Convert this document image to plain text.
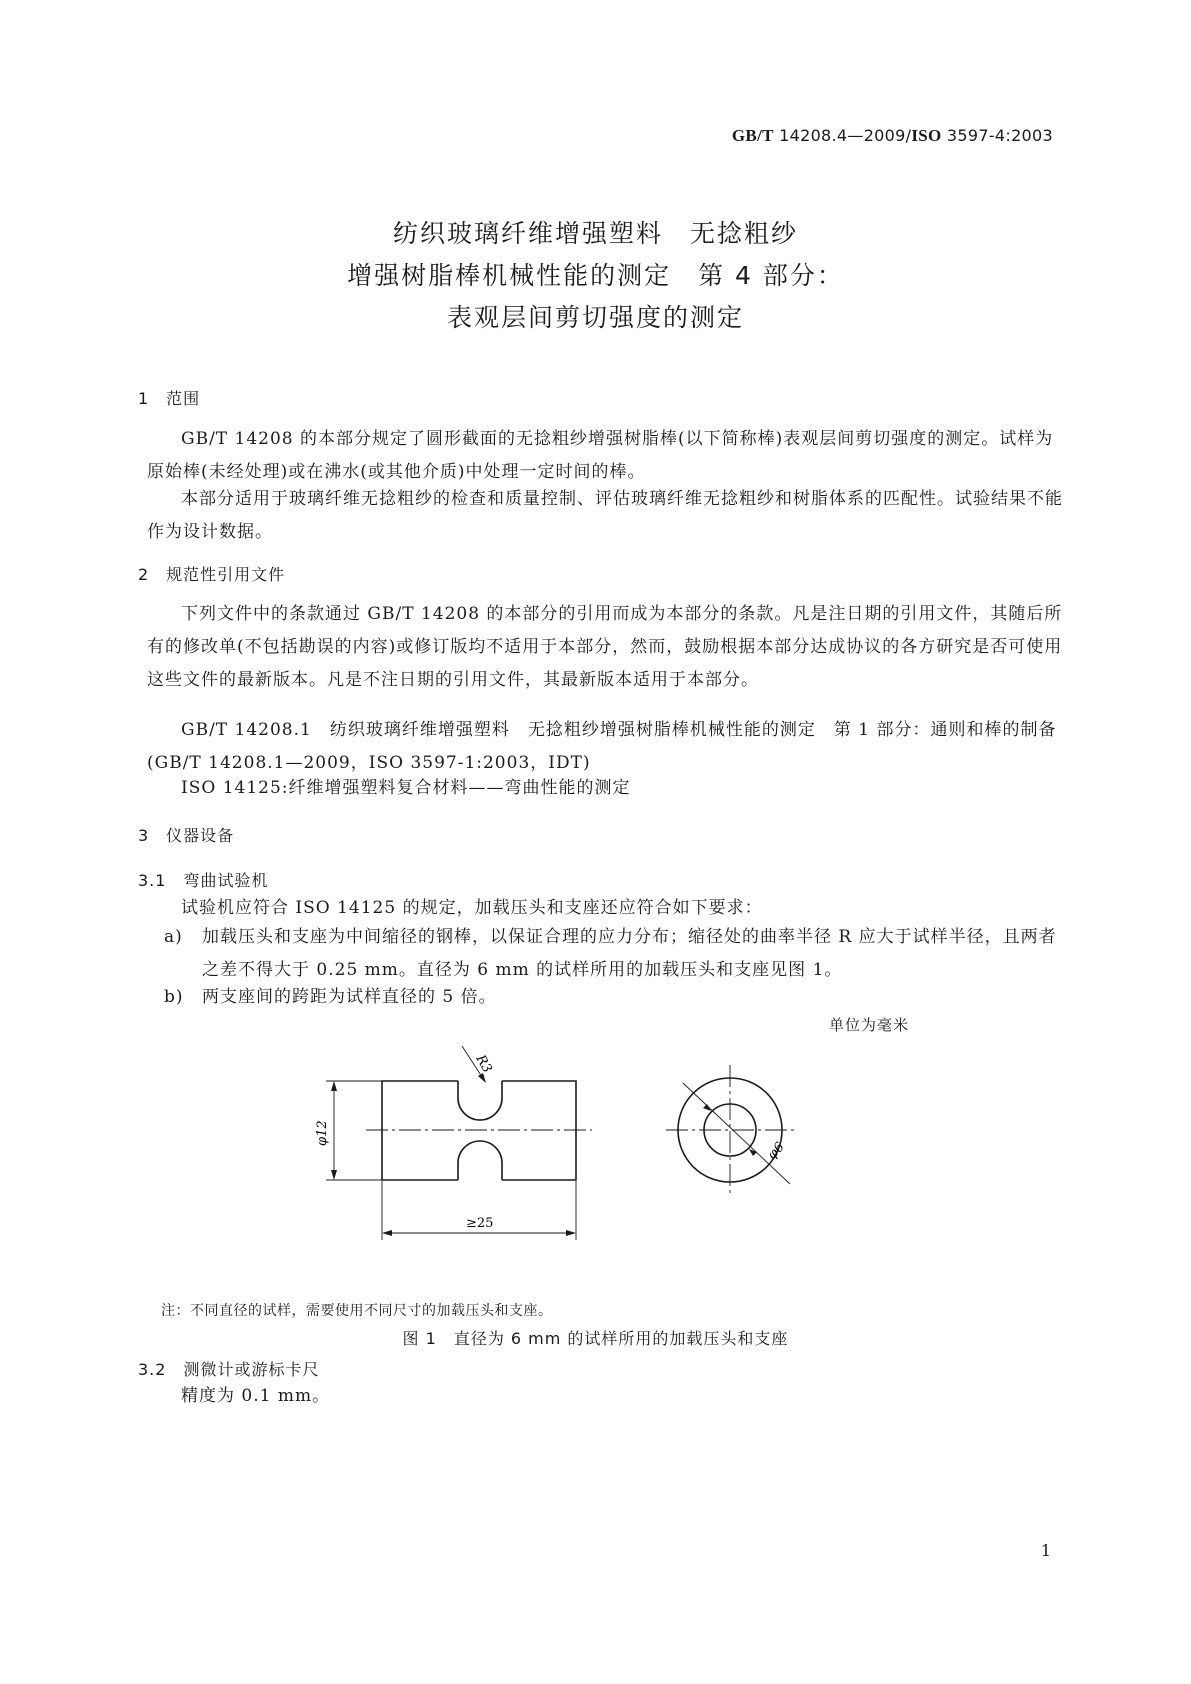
GB/T 14208.4—2009/ISO 3597-4:2003
纺织玻璃纤维增强塑料　无捻粗纱
增强树脂棒机械性能的测定　第 4 部分：
表观层间剪切强度的测定
1　范围
GB/T 14208 的本部分规定了圆形截面的无捻粗纱增强树脂棒(以下简称棒)表观层间剪切强度的测定。试样为原始棒(未经处理)或在沸水(或其他介质)中处理一定时间的棒。
本部分适用于玻璃纤维无捻粗纱的检查和质量控制、评估玻璃纤维无捻粗纱和树脂体系的匹配性。试验结果不能作为设计数据。
2　规范性引用文件
下列文件中的条款通过 GB/T 14208 的本部分的引用而成为本部分的条款。凡是注日期的引用文件，其随后所有的修改单(不包括勘误的内容)或修订版均不适用于本部分，然而，鼓励根据本部分达成协议的各方研究是否可使用这些文件的最新版本。凡是不注日期的引用文件，其最新版本适用于本部分。
GB/T 14208.1　纺织玻璃纤维增强塑料　无捻粗纱增强树脂棒机械性能的测定　第 1 部分：通则和棒的制备(GB/T 14208.1—2009，ISO 3597-1:2003，IDT)
ISO 14125:纤维增强塑料复合材料——弯曲性能的测定
3　仪器设备
3.1　弯曲试验机
试验机应符合 ISO 14125 的规定，加载压头和支座还应符合如下要求：
a)	加载压头和支座为中间缩径的钢棒，以保证合理的应力分布；缩径处的曲率半径 R 应大于试样半径，且两者之差不得大于 0.25 mm。直径为 6 mm 的试样所用的加载压头和支座见图 1。
b)	两支座间的跨距为试样直径的 5 倍。
单位为毫米
R3
φ12
≥25
φ6
注：不同直径的试样，需要使用不同尺寸的加载压头和支座。
图 1　直径为 6 mm 的试样所用的加载压头和支座
3.2　测微计或游标卡尺
精度为 0.1 mm。
1
